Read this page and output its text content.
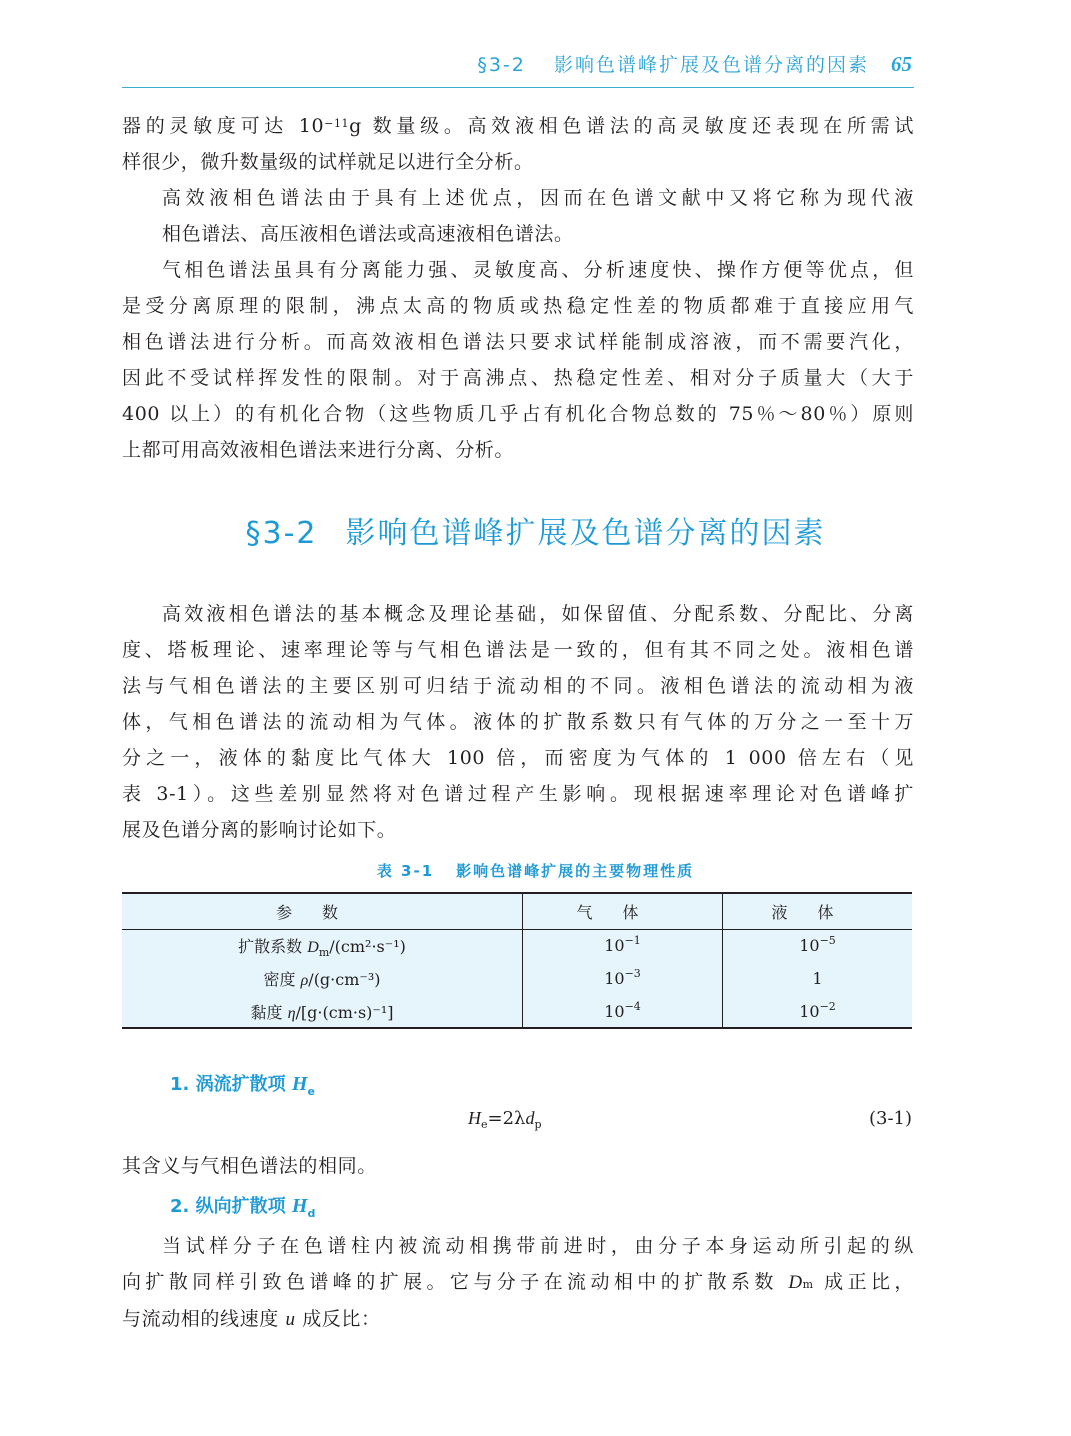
§3-2 影响色谱峰扩展及色谱分离的因素 65
器的灵敏度可达 $10^{-11}g$ 数量级。高效液相色谱法的高灵敏度还表现在所需试
样很少，微升数量级的试样就足以进行全分析。
高效液相色谱法由于具有上述优点，因而在色谱文献中又将它称为现代液
相色谱法、高压液相色谱法或高速液相色谱法。
气相色谱法虽具有分离能力强、灵敏度高、分析速度快、操作方便等优点，但
是受分离原理的限制，沸点太高的物质或热稳定性差的物质都难于直接应用气
相色谱法进行分析。而高效液相色谱法只要求试样能制成溶液，而不需要汽化，
因此不受试样挥发性的限制。对于高沸点、热稳定性差、相对分子质量大（大于
400 以上）的有机化合物（这些物质几乎占有机化合物总数的 75％～80％）原则
上都可用高效液相色谱法来进行分离、分析。
§3-2 影响色谱峰扩展及色谱分离的因素
高效液相色谱法的基本概念及理论基础，如保留值、分配系数、分配比、分离
度、塔板理论、速率理论等与气相色谱法是一致的，但有其不同之处。液相色谱
法与气相色谱法的主要区别可归结于流动相的不同。液相色谱法的流动相为液
体，气相色谱法的流动相为气体。液体的扩散系数只有气体的万分之一至十万
分之一，液体的黏度比气体大 100 倍，而密度为气体的 1 000 倍左右（见
表 3-1）。这些差别显然将对色谱过程产生影响。现根据速率理论对色谱峰扩
展及色谱分离的影响讨论如下。
表 3-1 影响色谱峰扩展的主要物理性质
参数	气体	液体
扩散系数 $D_m/(cm^2\cdot s^{-1})$	$10^{-1}$	$10^{-5}$
密度 ρ/(g·cm⁻³)	$10^{-3}$	1
黏度 η/[g·(cm·s)⁻¹]	$10^{-4}$	$10^{-2}$
1. 涡流扩散项 $H_e$
$H_e=2\lambda d_p$	(3-1)
其含义与气相色谱法的相同。
2. 纵向扩散项 $H_d$
当试样分子在色谱柱内被流动相携带前进时，由分子本身运动所引起的纵
向扩散同样引致色谱峰的扩展。它与分子在流动相中的扩散系数 $D_m$ 成正比，
与流动相的线速度 u 成反比：
